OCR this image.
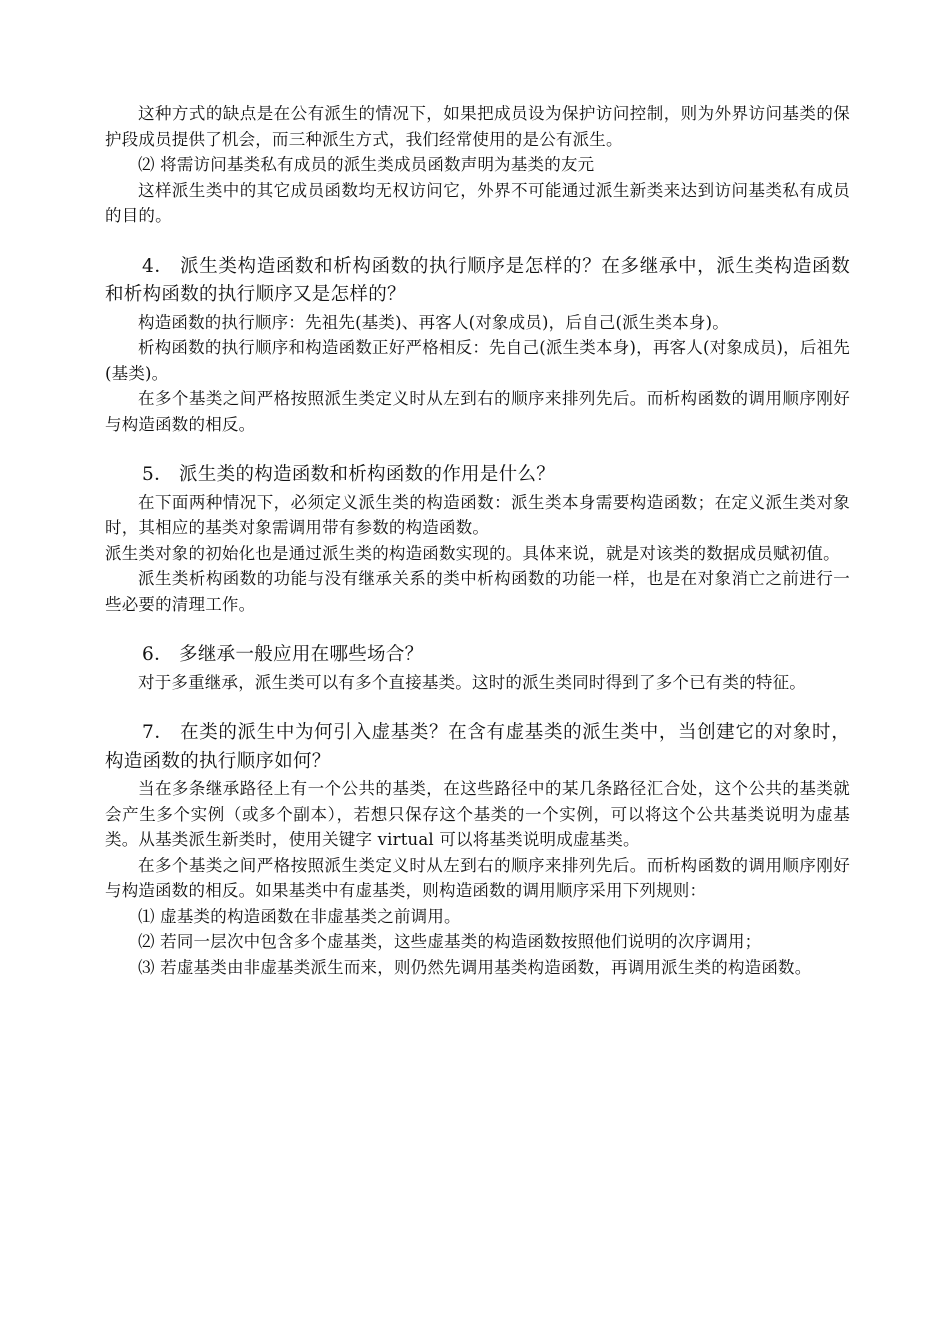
这种方式的缺点是在公有派生的情况下，如果把成员设为保护访问控制，则为外界访问基类的保护段成员提供了机会，而三种派生方式，我们经常使用的是公有派生。

⑵ 将需访问基类私有成员的派生类成员函数声明为基类的友元

这样派生类中的其它成员函数均无权访问它，外界不可能通过派生新类来达到访问基类私有成员的目的。

4． 派生类构造函数和析构函数的执行顺序是怎样的？在多继承中，派生类构造函数和析构函数的执行顺序又是怎样的？

构造函数的执行顺序：先祖先(基类)、再客人(对象成员)，后自己(派生类本身)。

析构函数的执行顺序和构造函数正好严格相反：先自己(派生类本身)，再客人(对象成员)，后祖先(基类)。

在多个基类之间严格按照派生类定义时从左到右的顺序来排列先后。而析构函数的调用顺序刚好与构造函数的相反。

5． 派生类的构造函数和析构函数的作用是什么？

在下面两种情况下，必须定义派生类的构造函数：派生类本身需要构造函数；在定义派生类对象时，其相应的基类对象需调用带有参数的构造函数。

派生类对象的初始化也是通过派生类的构造函数实现的。具体来说，就是对该类的数据成员赋初值。

派生类析构函数的功能与没有继承关系的类中析构函数的功能一样，也是在对象消亡之前进行一些必要的清理工作。

6． 多继承一般应用在哪些场合？

对于多重继承，派生类可以有多个直接基类。这时的派生类同时得到了多个已有类的特征。

7． 在类的派生中为何引入虚基类？在含有虚基类的派生类中，当创建它的对象时，构造函数的执行顺序如何？

当在多条继承路径上有一个公共的基类，在这些路径中的某几条路径汇合处，这个公共的基类就会产生多个实例（或多个副本），若想只保存这个基类的一个实例，可以将这个公共基类说明为虚基类。从基类派生新类时，使用关键字 virtual 可以将基类说明成虚基类。

在多个基类之间严格按照派生类定义时从左到右的顺序来排列先后。而析构函数的调用顺序刚好与构造函数的相反。如果基类中有虚基类，则构造函数的调用顺序采用下列规则：

⑴ 虚基类的构造函数在非虚基类之前调用。

⑵ 若同一层次中包含多个虚基类，这些虚基类的构造函数按照他们说明的次序调用；

⑶ 若虚基类由非虚基类派生而来，则仍然先调用基类构造函数，再调用派生类的构造函数。
